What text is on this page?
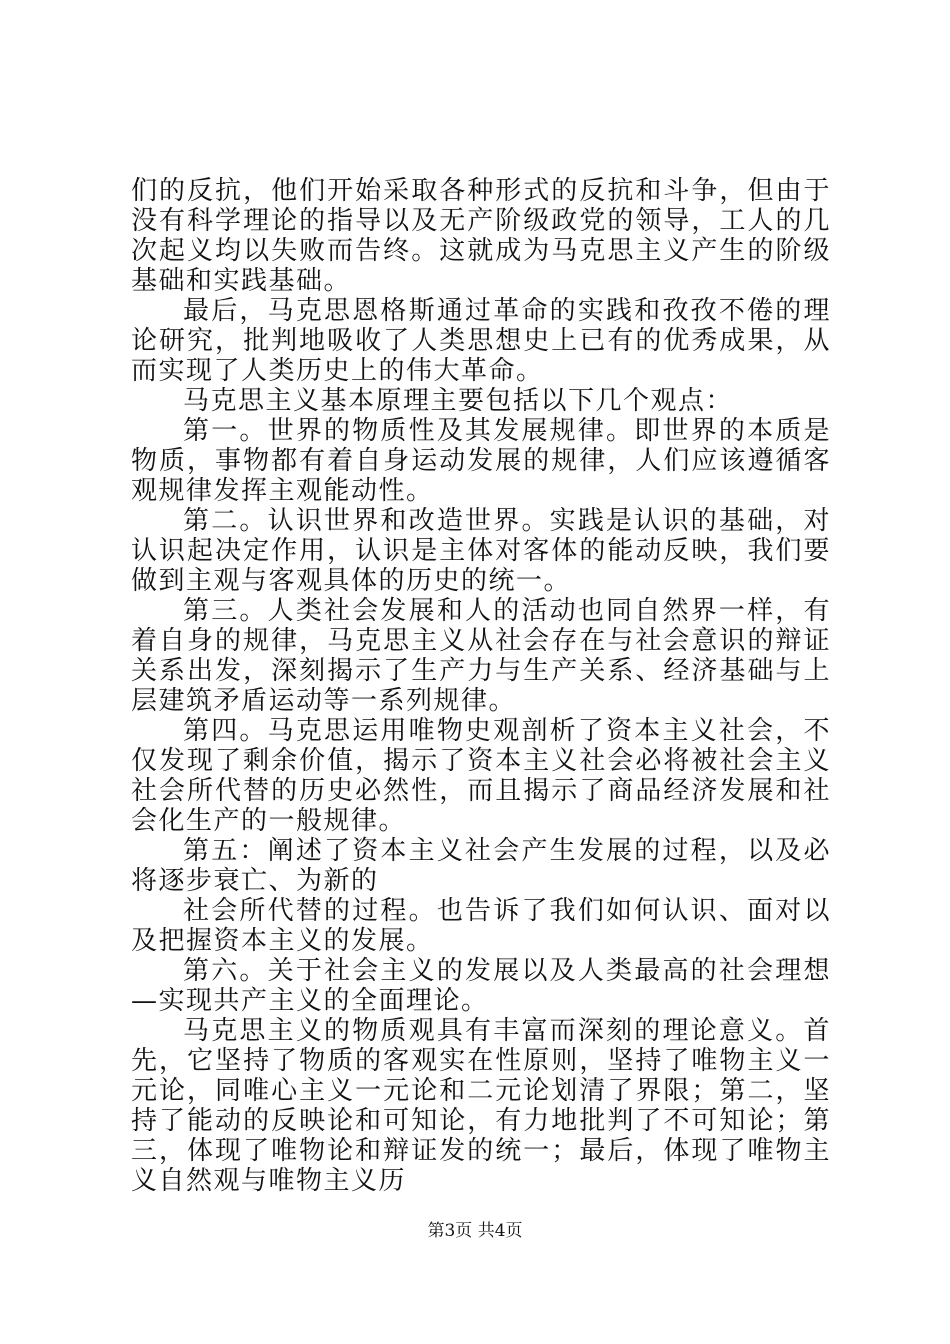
们的反抗，他们开始采取各种形式的反抗和斗争，但由于没有科学理论的指导以及无产阶级政党的领导，工人的几次起义均以失败而告终。这就成为马克思主义产生的阶级基础和实践基础。

最后，马克思恩格斯通过革命的实践和孜孜不倦的理论研究，批判地吸收了人类思想史上已有的优秀成果，从而实现了人类历史上的伟大革命。

马克思主义基本原理主要包括以下几个观点：

第一。世界的物质性及其发展规律。即世界的本质是物质，事物都有着自身运动发展的规律，人们应该遵循客观规律发挥主观能动性。

第二。认识世界和改造世界。实践是认识的基础，对认识起决定作用，认识是主体对客体的能动反映，我们要做到主观与客观具体的历史的统一。

第三。人类社会发展和人的活动也同自然界一样，有着自身的规律，马克思主义从社会存在与社会意识的辩证关系出发，深刻揭示了生产力与生产关系、经济基础与上层建筑矛盾运动等一系列规律。

第四。马克思运用唯物史观剖析了资本主义社会，不仅发现了剩余价值，揭示了资本主义社会必将被社会主义社会所代替的历史必然性，而且揭示了商品经济发展和社会化生产的一般规律。

第五：阐述了资本主义社会产生发展的过程，以及必将逐步衰亡、为新的

社会所代替的过程。也告诉了我们如何认识、面对以及把握资本主义的发展。

第六。关于社会主义的发展以及人类最高的社会理想—实现共产主义的全面理论。

马克思主义的物质观具有丰富而深刻的理论意义。首先，它坚持了物质的客观实在性原则，坚持了唯物主义一元论，同唯心主义一元论和二元论划清了界限；第二，坚持了能动的反映论和可知论，有力地批判了不可知论；第三，体现了唯物论和辩证发的统一；最后，体现了唯物主义自然观与唯物主义历

第3页 共4页
